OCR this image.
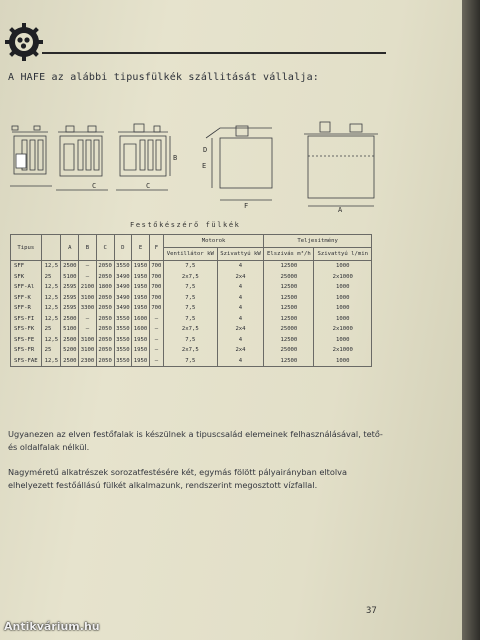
A HAFE az alábbi tipusfülkék szállitását vállalja:
C
B
C
D
E
F	A
Festőkészérő fülkék
Tipus		A	B	C	D	E	F	Motorok		Teljesitmény	
								Ventillátor kW	Szivattyú kW	Elszivás m³/h	Szivattyú l/min
SFF	12,5	2500	–	2050	3550	1950	700	7,5	4	12500	1000
SFK	25	5100	–	2050	3490	1950	700	2x7,5	2x4	25000	2x1000
SFF-Al	12,5	2595	2100	1800	3490	1950	700	7,5	4	12500	1000
SFF-K	12,5	2595	3100	2050	3490	1950	700	7,5	4	12500	1000
SFF-R	12,5	2595	3300	2050	3490	1950	700	7,5	4	12500	1000
SFS-FI	12,5	2500	–	2050	3550	1600	–	7,5	4	12500	1000
SFS-FK	25	5100	–	2050	3550	1600	–	2x7,5	2x4	25000	2x1000
SFS-FE	12,5	2500	3100	2050	3550	1950	–	7,5	4	12500	1000
SFS-FR	25	5200	3100	2050	3550	1950	–	2x7,5	2x4	25000	2x1000
SFS-FAE	12,5	2500	2300	2050	3550	1950	–	7,5	4	12500	1000
Ugyanezen az elven festőfalak is készülnek a tipuscsalád elemeinek felhasználásával, tető- és oldalfalak nélkül.
Nagyméretű alkatrészek sorozatfestésére két, egymás fölött pályairányban eltolva elhelyezett festőállású fülkét alkalmazunk, rendszerint megosztott vízfallal.
37
Antikvárium.hu
